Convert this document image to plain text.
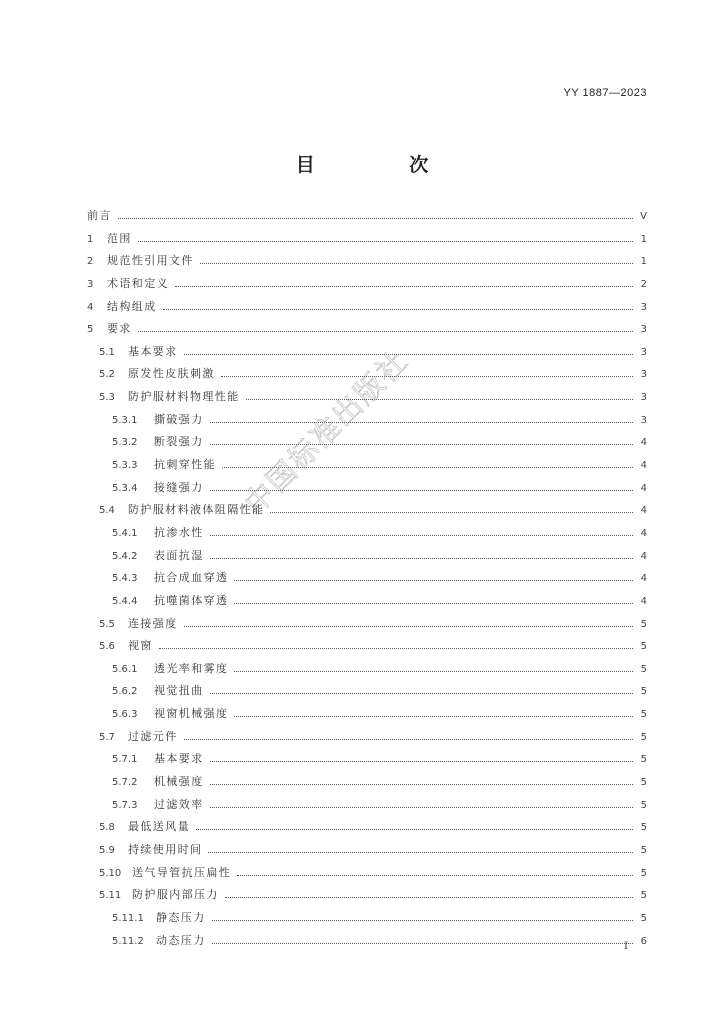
YY 1887—2023
目 次
前言	Ⅴ
1	范围	1
2	规范性引用文件	1
3	术语和定义	2
4	结构组成	3
5	要求	3
5.1	基本要求	3
5.2	原发性皮肤刺激	3
5.3	防护服材料物理性能	3
5.3.1	撕破强力	3
5.3.2	断裂强力	4
5.3.3	抗刺穿性能	4
5.3.4	接缝强力	4
5.4	防护服材料液体阻隔性能	4
5.4.1	抗渗水性	4
5.4.2	表面抗湿	4
5.4.3	抗合成血穿透	4
5.4.4	抗噬菌体穿透	4
5.5	连接强度	5
5.6	视窗	5
5.6.1	透光率和雾度	5
5.6.2	视觉扭曲	5
5.6.3	视窗机械强度	5
5.7	过滤元件	5
5.7.1	基本要求	5
5.7.2	机械强度	5
5.7.3	过滤效率	5
5.8	最低送风量	5
5.9	持续使用时间	5
5.10 送气导管抗压扁性	5
5.11 防护服内部压力	5
5.11.1	静态压力	5
5.11.2	动态压力	6
Ⅰ
中国标准出版社
